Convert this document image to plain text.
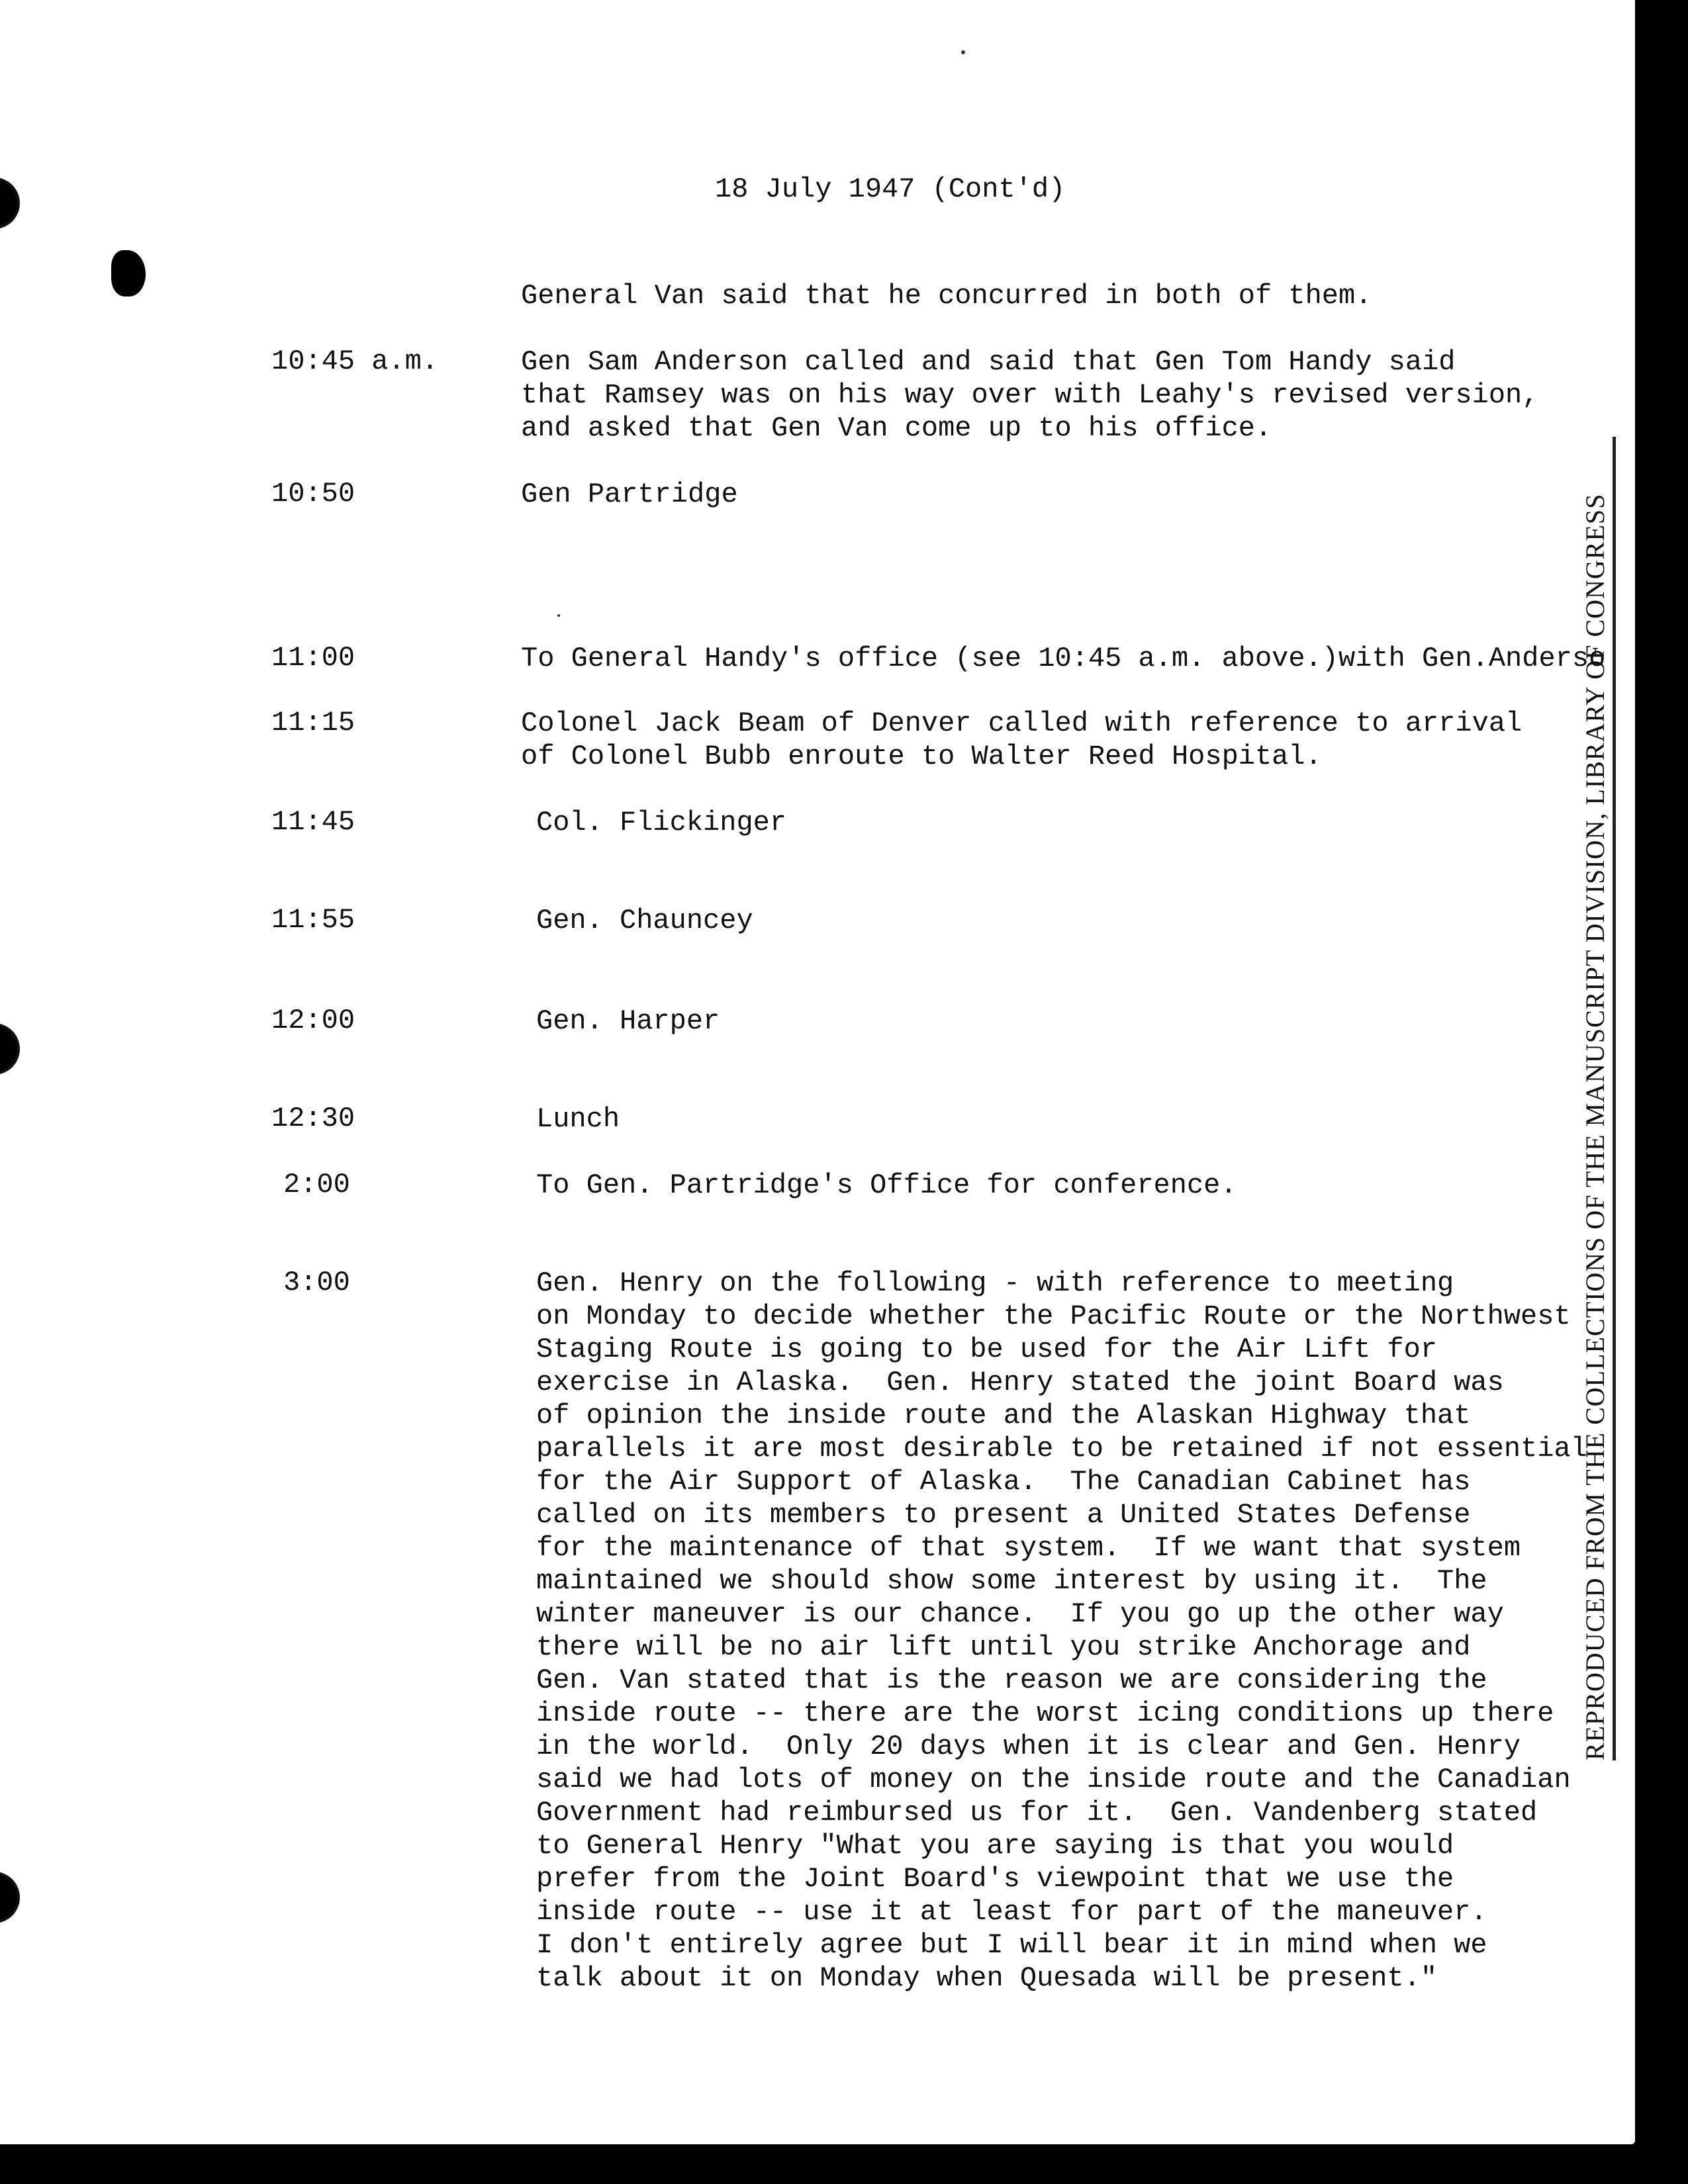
18 July 1947 (Cont'd)
General Van said that he concurred in both of them.
10:45 a.m.	Gen Sam Anderson called and said that Gen Tom Handy said
that Ramsey was on his way over with Leahy's revised version,
and asked that Gen Van come up to his office.
10:50	Gen Partridge
11:00	To General Handy's office (see 10:45 a.m. above.)with Gen.Anderso
11:15	Colonel Jack Beam of Denver called with reference to arrival
of Colonel Bubb enroute to Walter Reed Hospital.
11:45	Col. Flickinger
11:55	Gen. Chauncey
12:00	Gen. Harper
12:30	Lunch
2:00	To Gen. Partridge's Office for conference.
3:00	Gen. Henry on the following - with reference to meeting
on Monday to decide whether the Pacific Route or the Northwest
Staging Route is going to be used for the Air Lift for
exercise in Alaska.  Gen. Henry stated the joint Board was
of opinion the inside route and the Alaskan Highway that
parallels it are most desirable to be retained if not essential
for the Air Support of Alaska.  The Canadian Cabinet has
called on its members to present a United States Defense
for the maintenance of that system.  If we want that system
maintained we should show some interest by using it.  The
winter maneuver is our chance.  If you go up the other way
there will be no air lift until you strike Anchorage and
Gen. Van stated that is the reason we are considering the
inside route -- there are the worst icing conditions up there
in the world.  Only 20 days when it is clear and Gen. Henry
said we had lots of money on the inside route and the Canadian
Government had reimbursed us for it.  Gen. Vandenberg stated
to General Henry "What you are saying is that you would
prefer from the Joint Board's viewpoint that we use the
inside route -- use it at least for part of the maneuver.
I don't entirely agree but I will bear it in mind when we
talk about it on Monday when Quesada will be present."
REPRODUCED FROM THE COLLECTIONS OF THE MANUSCRIPT DIVISION, LIBRARY OF CONGRESS
